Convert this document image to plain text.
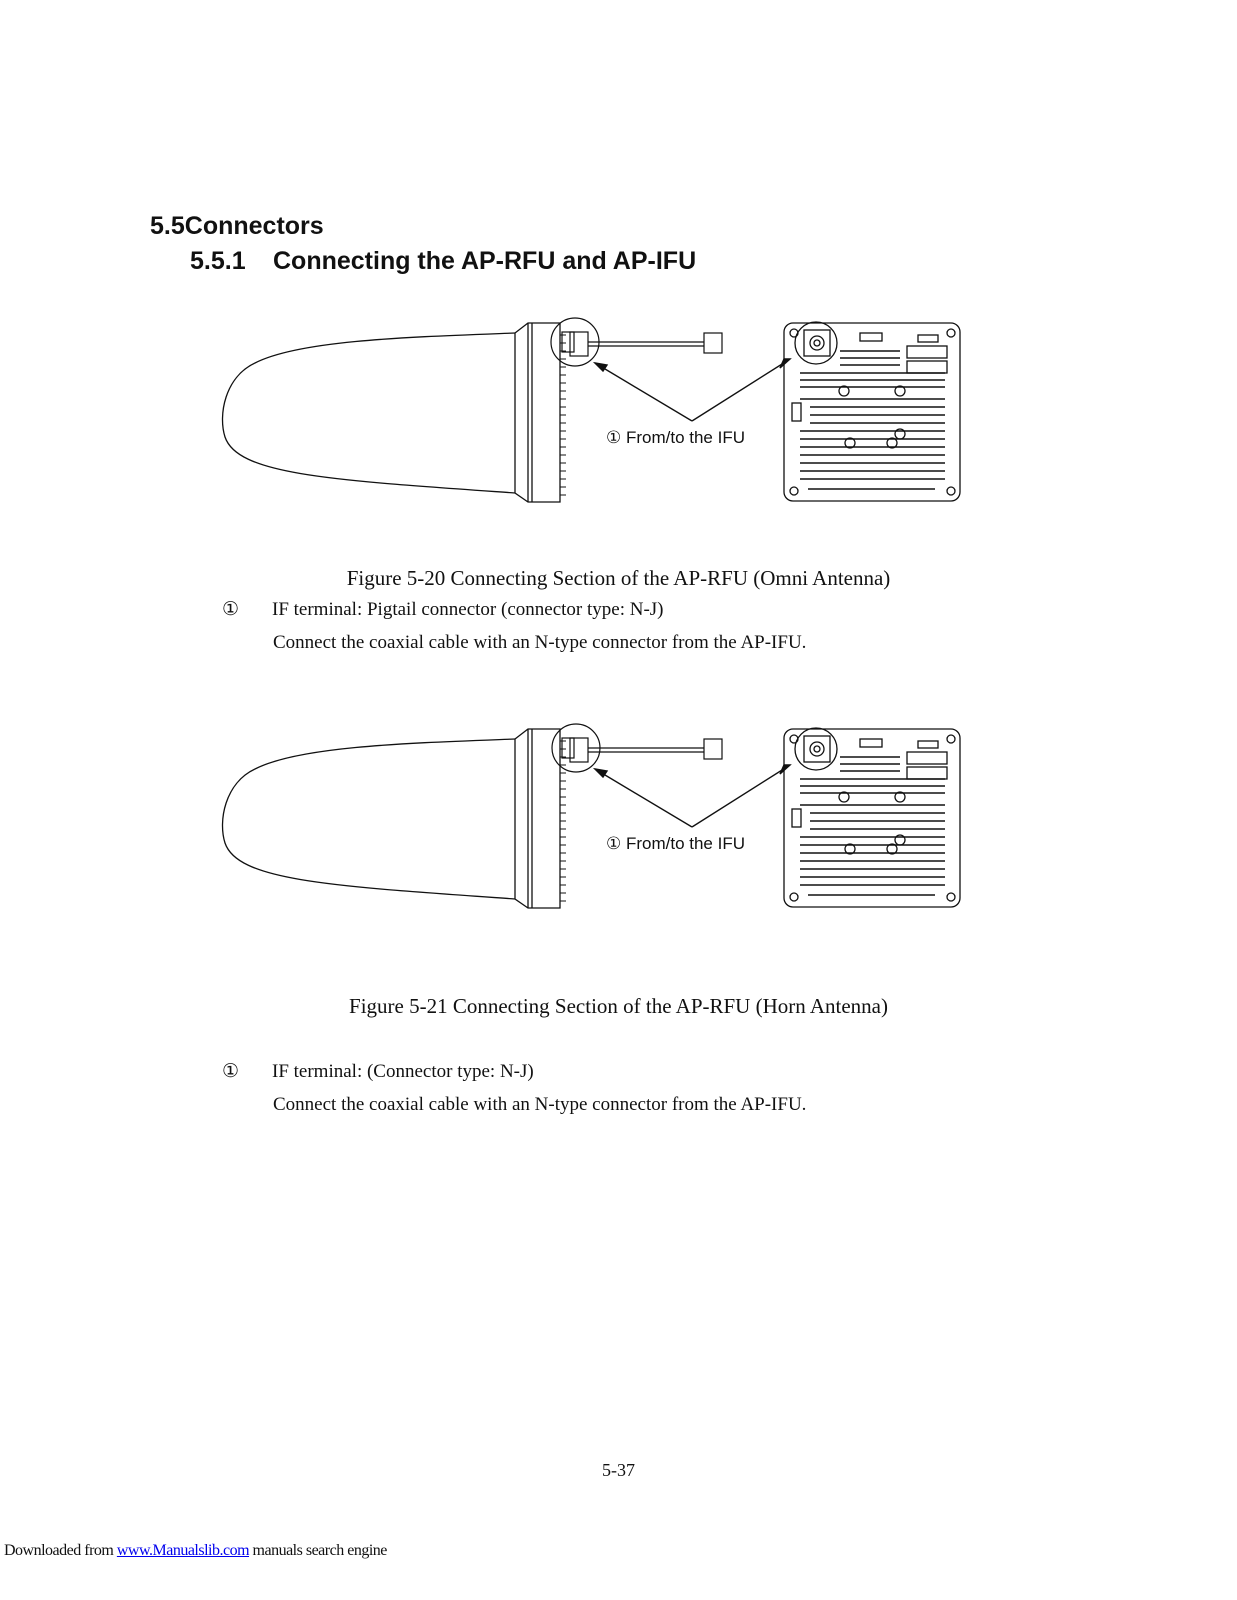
5.5Connectors
5.5.1 Connecting the AP-RFU and AP-IFU
① From/to the IFU
Figure 5-20 Connecting Section of the AP-RFU (Omni Antenna)
① IF terminal: Pigtail connector (connector type: N-J)
Connect the coaxial cable with an N-type connector from the AP-IFU.
① From/to the IFU
Figure 5-21 Connecting Section of the AP-RFU (Horn Antenna)
① IF terminal: (Connector type: N-J)
Connect the coaxial cable with an N-type connector from the AP-IFU.
5-37
Downloaded from www.Manualslib.com manuals search engine
